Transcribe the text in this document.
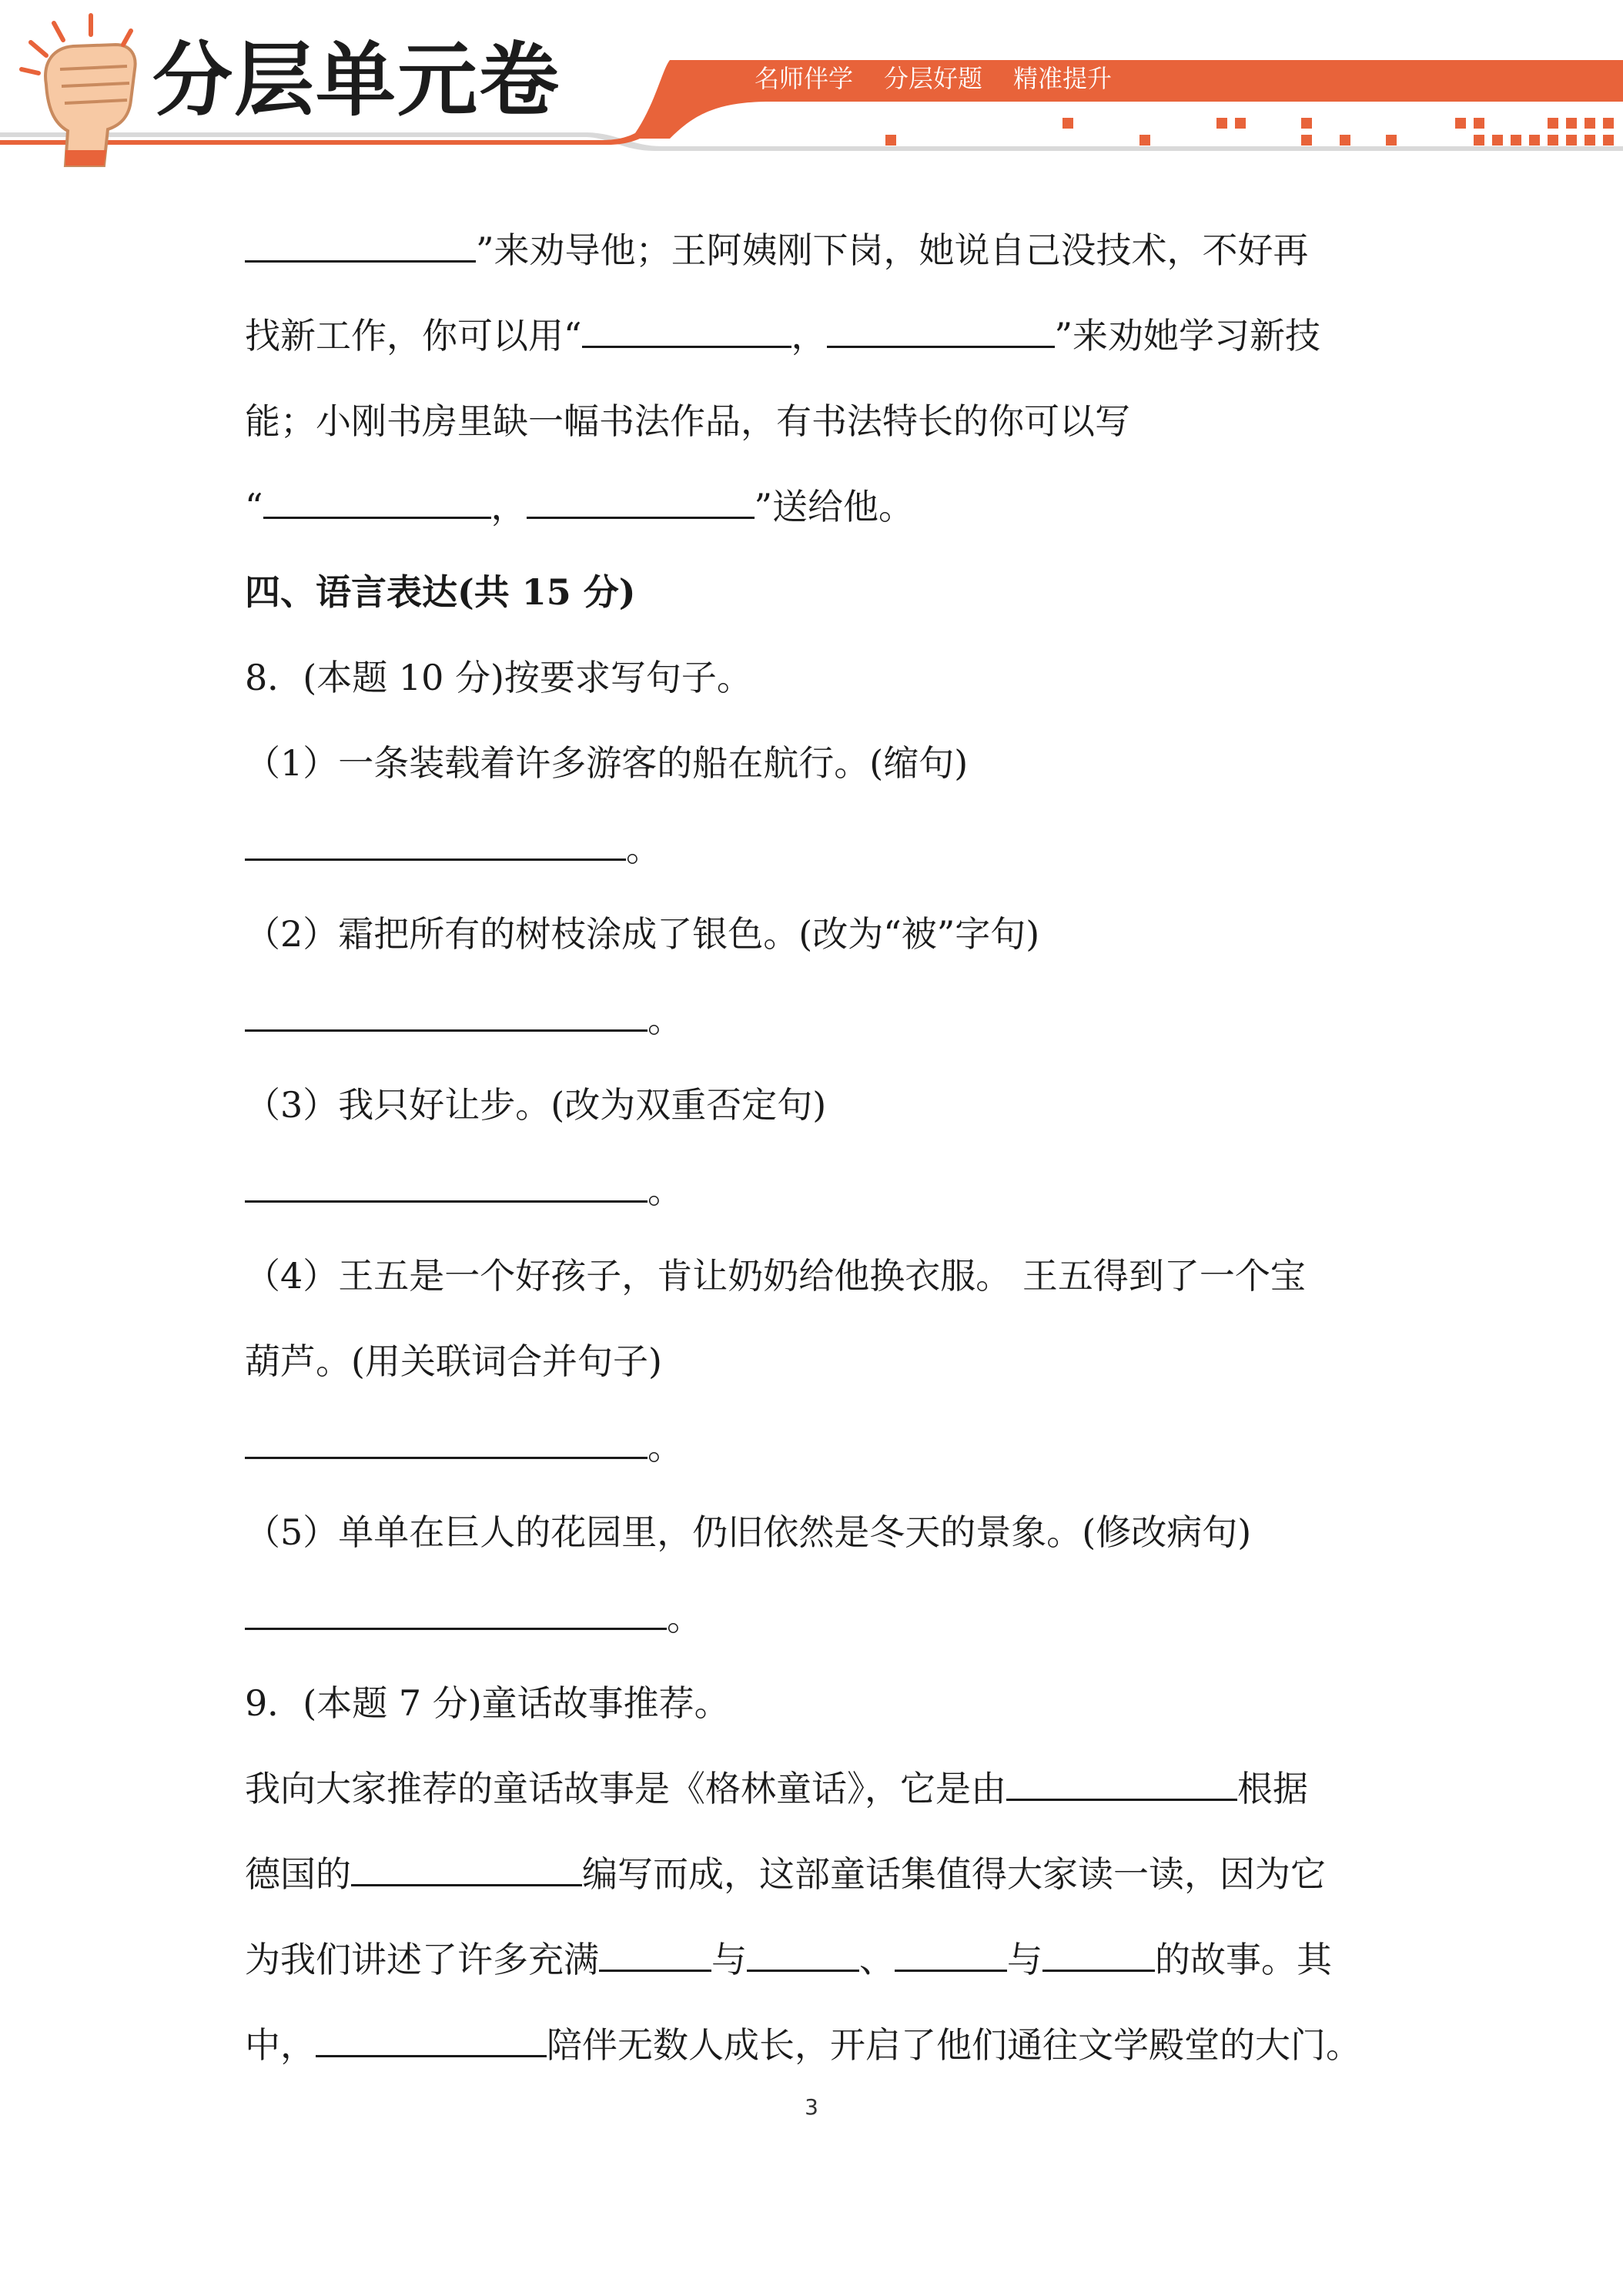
分层单元卷	名师伴学 分层好题 精准提升
”来劝导他；王阿姨刚下岗，她说自己没技术，不好再
找新工作，你可以用“	，	”来劝她学习新技
能；小刚书房里缺一幅书法作品，有书法特长的你可以写
“	，	”送给他。
四、语言表达(共 15 分)
8．(本题 10 分)按要求写句子。
（1）一条装载着许多游客的船在航行。(缩句)
。
（2）霜把所有的树枝涂成了银色。(改为“被”字句)
。
（3）我只好让步。(改为双重否定句)
。
（4）王五是一个好孩子，肯让奶奶给他换衣服。 王五得到了一个宝
葫芦。(用关联词合并句子)
。
（5）单单在巨人的花园里，仍旧依然是冬天的景象。(修改病句)
。
9．(本题 7 分)童话故事推荐。
我向大家推荐的童话故事是《格林童话》，它是由	根据
德国的	编写而成，这部童话集值得大家读一读，因为它
为我们讲述了许多充满	与	、	与	的故事。其
中，	陪伴无数人成长，开启了他们通往文学殿堂的大门。
3
